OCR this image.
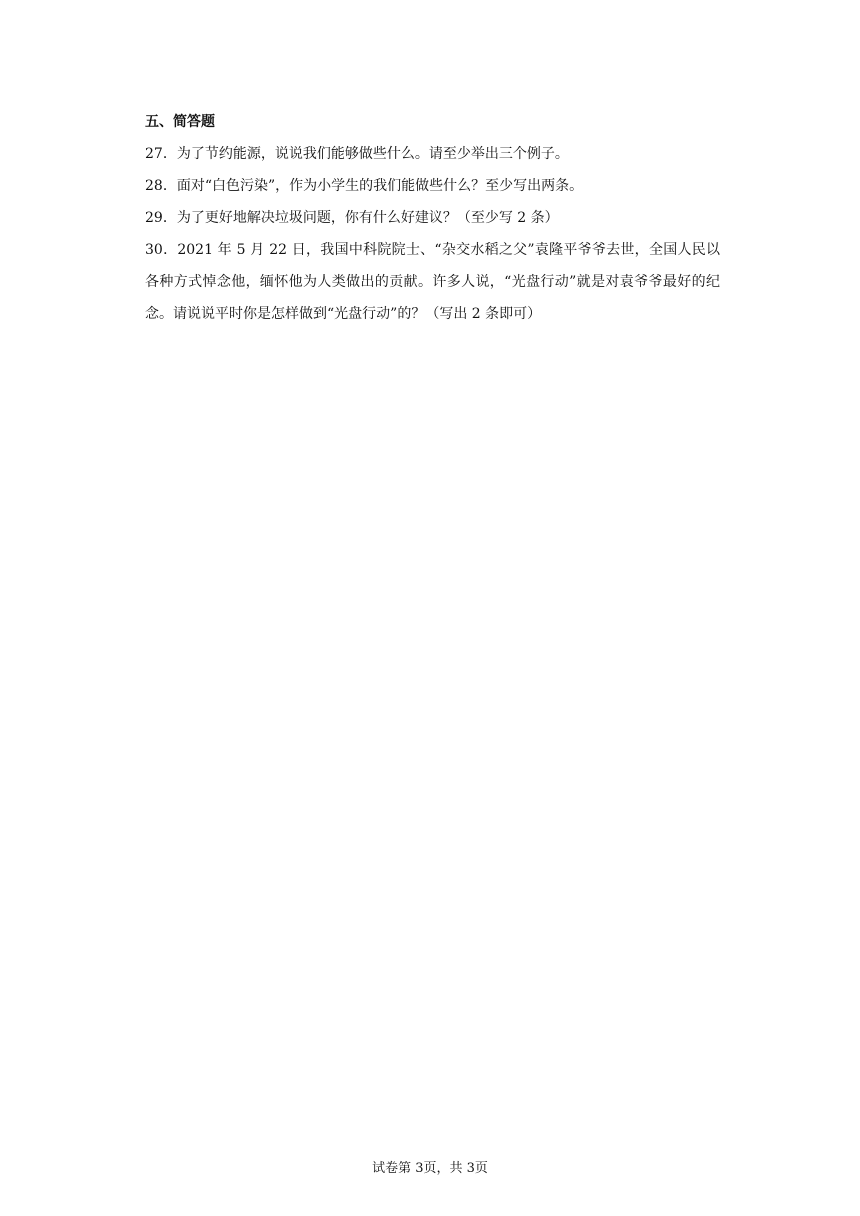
五、简答题

27．为了节约能源，说说我们能够做些什么。请至少举出三个例子。

28．面对“白色污染”，作为小学生的我们能做些什么？至少写出两条。

29．为了更好地解决垃圾问题，你有什么好建议？（至少写 2 条）

30．2021 年 5 月 22 日，我国中科院院士、“杂交水稻之父”袁隆平爷爷去世，全国人民以各种方式悼念他，缅怀他为人类做出的贡献。许多人说，“光盘行动”就是对袁爷爷最好的纪念。请说说平时你是怎样做到“光盘行动”的？（写出 2 条即可）

试卷第 3页，共 3页
